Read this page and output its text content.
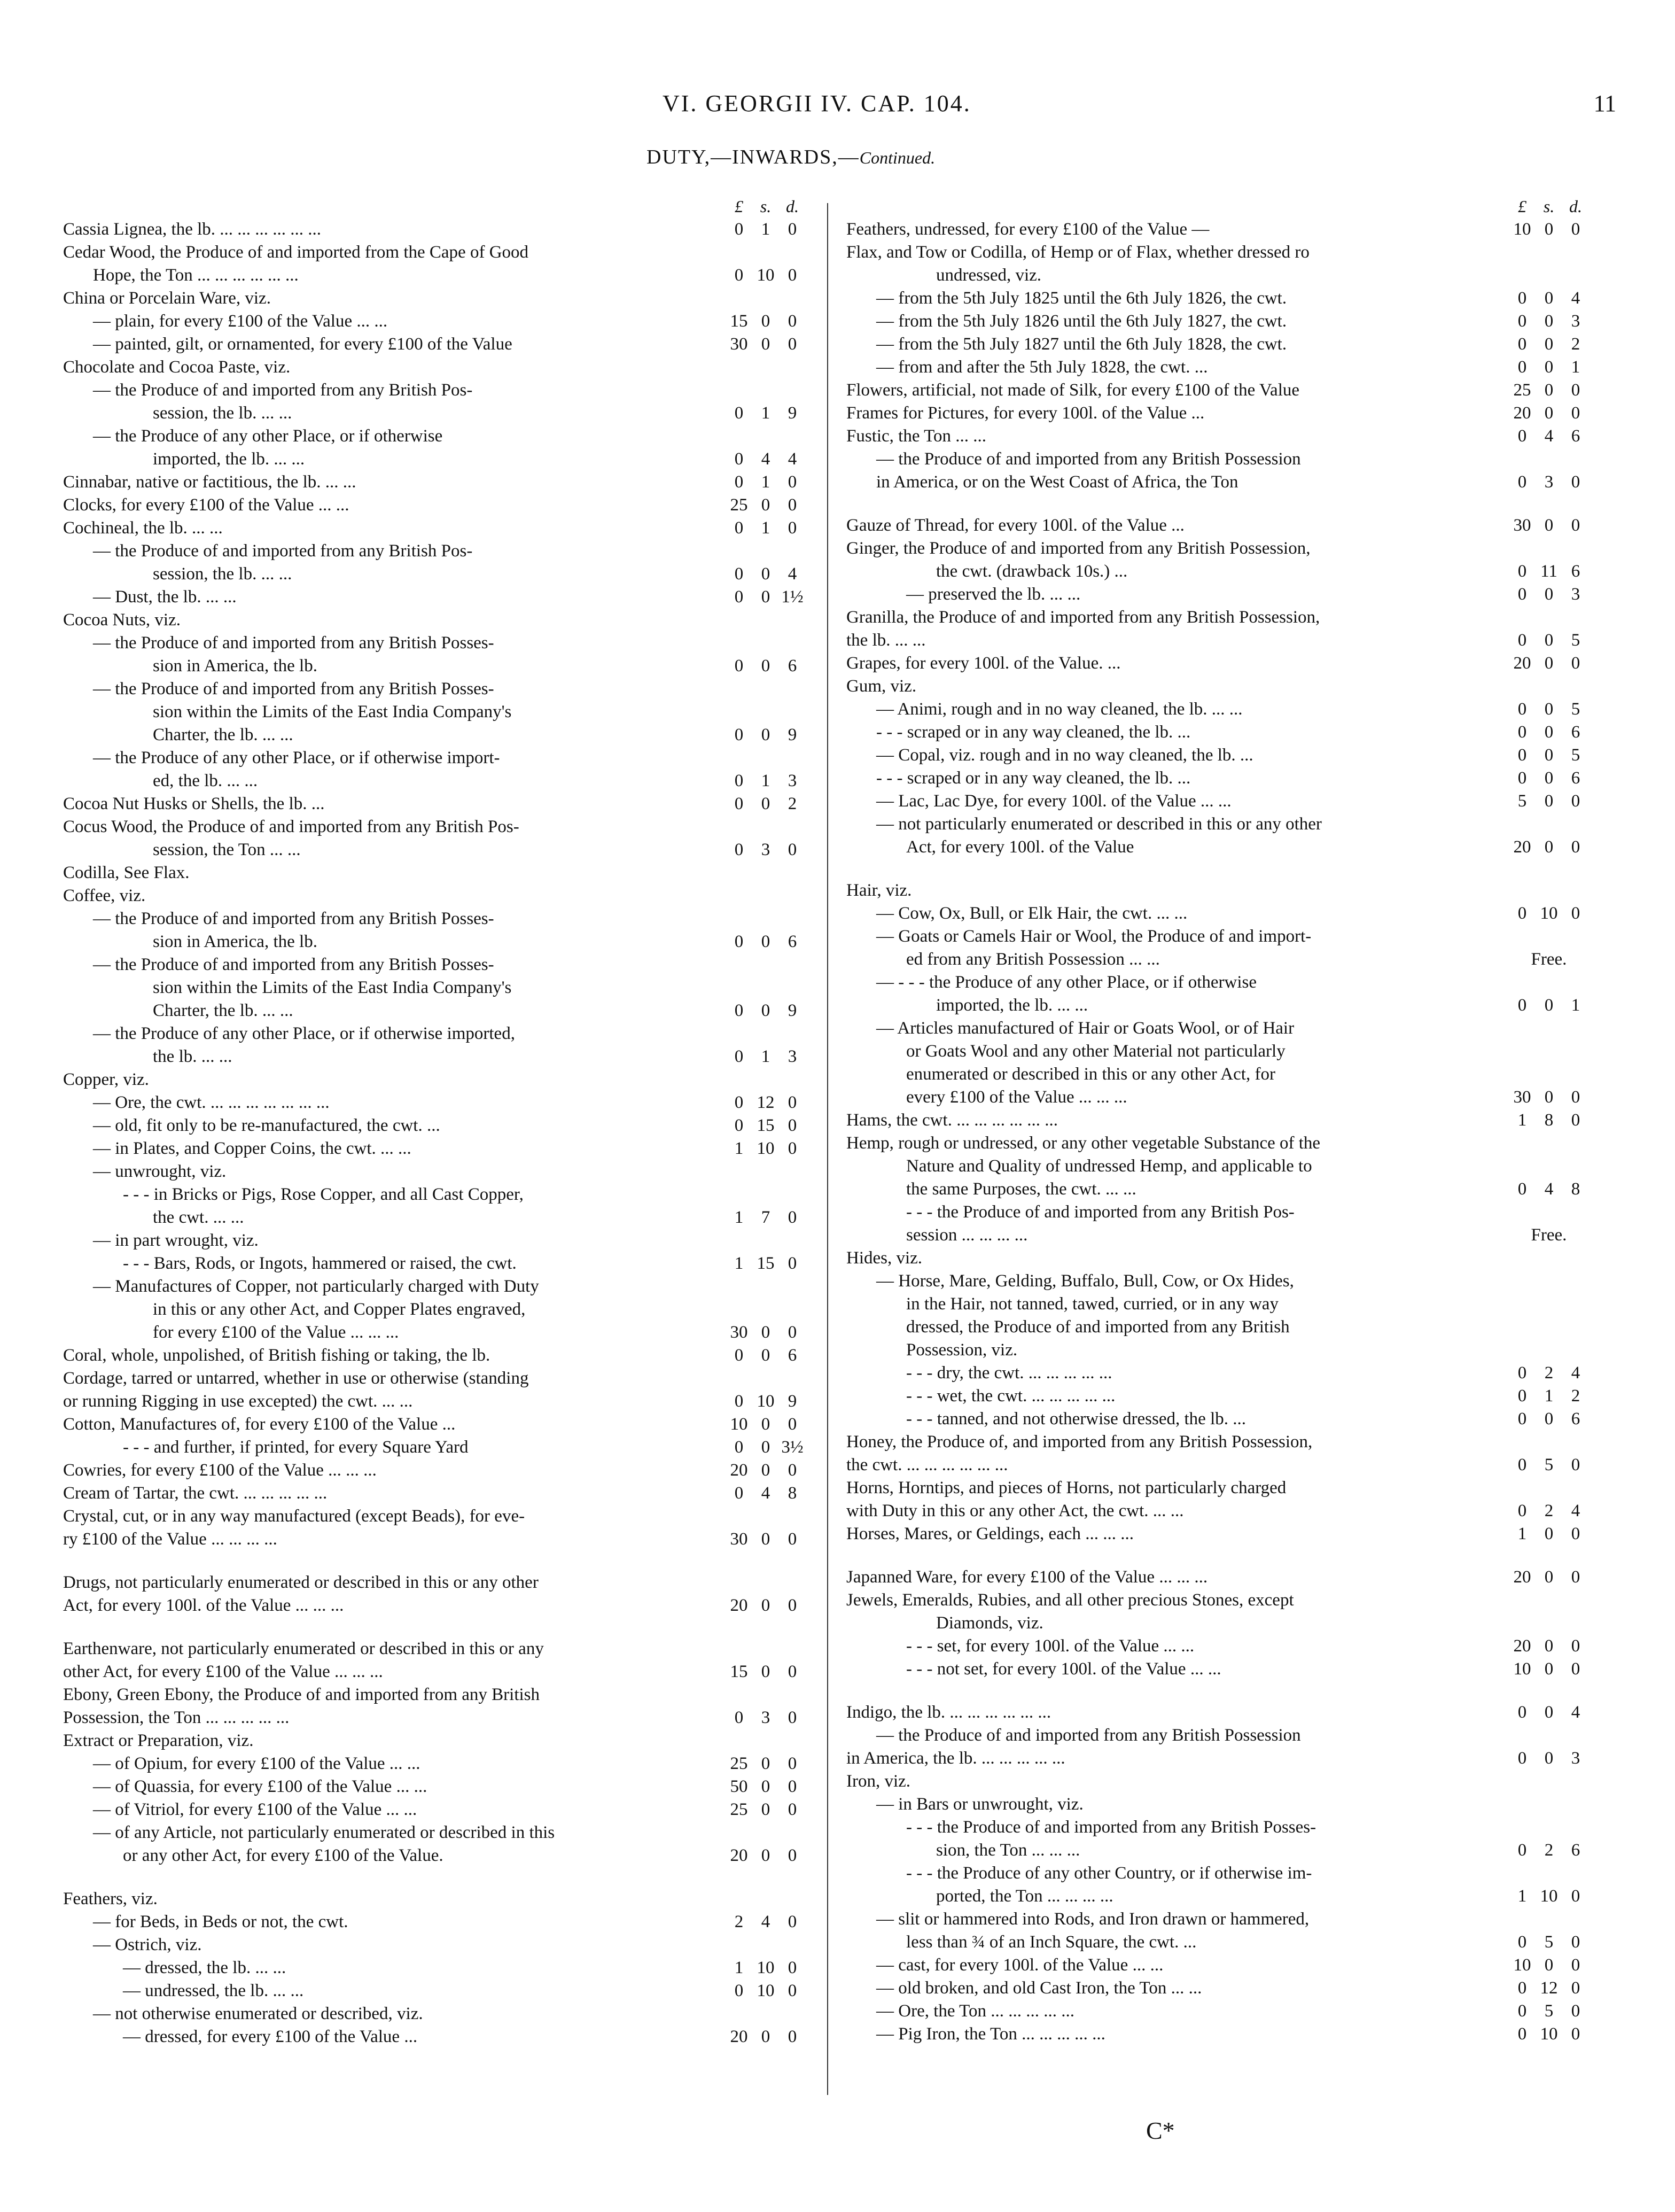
VI. GEORGII IV. CAP. 104.	11
DUTY,—INWARDS,—Continued.
£ s. d.
Cassia Lignea, the lb. ... ... ... ... ... ...	0	1	0
Cedar Wood, the Produce of and imported from the Cape of Good
Hope, the Ton ... ... ... ... ... ...	0 10 0
China or Porcelain Ware, viz.
— plain, for every £100 of the Value ... ...	15 0	0
— painted, gilt, or ornamented, for every £100 of the Value	30 0	0
Chocolate and Cocoa Paste, viz.
— the Produce of and imported from any British Pos-
session, the lb. ... ...	0	1	9
— the Produce of any other Place, or if otherwise
imported, the lb. ... ...	0	4	4
Cinnabar, native or factitious, the lb. ... ...	0	1	0
Clocks, for every £100 of the Value ... ...	25 0	0
Cochineal, the lb. ... ...	0	1	0
— the Produce of and imported from any British Pos-
session, the lb. ... ...	0	0	4
— Dust, the lb. ... ...	0	0 1½
Cocoa Nuts, viz.
— the Produce of and imported from any British Posses-
sion in America, the lb.	0	0	6
— the Produce of and imported from any British Posses-
sion within the Limits of the East India Company's
Charter, the lb. ... ...	0	0	9
— the Produce of any other Place, or if otherwise import-
ed, the lb. ... ...	0	1	3
Cocoa Nut Husks or Shells, the lb. ...	0	0	2
Cocus Wood, the Produce of and imported from any British Pos-
session, the Ton ... ...	0	3	0
Codilla, See Flax.
Coffee, viz.
— the Produce of and imported from any British Posses-
sion in America, the lb.	0	0	6
— the Produce of and imported from any British Posses-
sion within the Limits of the East India Company's
Charter, the lb. ... ...	0	0	9
— the Produce of any other Place, or if otherwise imported,
the lb. ... ...	0	1	3
Copper, viz.
— Ore, the cwt. ... ... ... ... ... ... ...	0 12 0
— old, fit only to be re-manufactured, the cwt. ...	0 15 0
— in Plates, and Copper Coins, the cwt. ... ...	1 10 0
— unwrought, viz.
- - - in Bricks or Pigs, Rose Copper, and all Cast Copper,
the cwt. ... ...	1	7	0
— in part wrought, viz.
- - - Bars, Rods, or Ingots, hammered or raised, the cwt.	1 15 0
— Manufactures of Copper, not particularly charged with Duty
in this or any other Act, and Copper Plates engraved,
for every £100 of the Value ... ... ...	30 0	0
Coral, whole, unpolished, of British fishing or taking, the lb.	0	0	6
Cordage, tarred or untarred, whether in use or otherwise (standing
or running Rigging in use excepted) the cwt. ... ...	0 10 9
Cotton, Manufactures of, for every £100 of the Value ...	10 0	0
- - - and further, if printed, for every Square Yard	0	0 3½
Cowries, for every £100 of the Value ... ... ...	20 0	0
Cream of Tartar, the cwt. ... ... ... ... ...	0	4	8
Crystal, cut, or in any way manufactured (except Beads), for eve-
ry £100 of the Value ... ... ... ...	30 0	0
Drugs, not particularly enumerated or described in this or any other
Act, for every 100l. of the Value ... ... ...	20 0	0
Earthenware, not particularly enumerated or described in this or any
other Act, for every £100 of the Value ... ... ...	15 0	0
Ebony, Green Ebony, the Produce of and imported from any British
Possession, the Ton ... ... ... ... ...	0	3	0
Extract or Preparation, viz.
— of Opium, for every £100 of the Value ... ...	25 0	0
— of Quassia, for every £100 of the Value ... ...	50 0	0
— of Vitriol, for every £100 of the Value ... ...	25 0	0
— of any Article, not particularly enumerated or described in this
or any other Act, for every £100 of the Value.	20 0	0
Feathers, viz.
— for Beds, in Beds or not, the cwt.	2	4	0
— Ostrich, viz.
— dressed, the lb. ... ...	1 10 0
— undressed, the lb. ... ...	0 10 0
— not otherwise enumerated or described, viz.
— dressed, for every £100 of the Value ...	20 0	0
£ s. d.
Feathers, undressed, for every £100 of the Value —	10 0	0
Flax, and Tow or Codilla, of Hemp or of Flax, whether dressed ro
undressed, viz.
— from the 5th July 1825 until the 6th July 1826, the cwt.	0	0	4
— from the 5th July 1826 until the 6th July 1827, the cwt.	0	0	3
— from the 5th July 1827 until the 6th July 1828, the cwt.	0	0	2
— from and after the 5th July 1828, the cwt. ...	0	0	1
Flowers, artificial, not made of Silk, for every £100 of the Value	25 0	0
Frames for Pictures, for every 100l. of the Value ...	20 0	0
Fustic, the Ton ... ...	0	4	6
— the Produce of and imported from any British Possession
in America, or on the West Coast of Africa, the Ton	0	3	0
Gauze of Thread, for every 100l. of the Value ...	30 0	0
Ginger, the Produce of and imported from any British Possession,
the cwt. (drawback 10s.) ...	0 11 6
— preserved the lb. ... ...	0	0	3
Granilla, the Produce of and imported from any British Possession,
the lb. ... ...	0	0	5
Grapes, for every 100l. of the Value. ...	20 0	0
Gum, viz.
— Animi, rough and in no way cleaned, the lb. ... ...	0	0	5
- - - scraped or in any way cleaned, the lb. ...	0	0	6
— Copal, viz. rough and in no way cleaned, the lb. ...	0	0	5
- - - scraped or in any way cleaned, the lb. ...	0	0	6
— Lac, Lac Dye, for every 100l. of the Value ... ...	5	0	0
— not particularly enumerated or described in this or any other
Act, for every 100l. of the Value	20 0	0
Hair, viz.
— Cow, Ox, Bull, or Elk Hair, the cwt. ... ...	0 10 0
— Goats or Camels Hair or Wool, the Produce of and import-
ed from any British Possession ... ...	Free.
— - - - the Produce of any other Place, or if otherwise
imported, the lb. ... ...	0	0	1
— Articles manufactured of Hair or Goats Wool, or of Hair
or Goats Wool and any other Material not particularly
enumerated or described in this or any other Act, for
every £100 of the Value ... ... ...	30 0	0
Hams, the cwt. ... ... ... ... ... ...	1	8	0
Hemp, rough or undressed, or any other vegetable Substance of the
Nature and Quality of undressed Hemp, and applicable to
the same Purposes, the cwt. ... ...	0	4	8
- - - the Produce of and imported from any British Pos-
session ... ... ... ...	Free.
Hides, viz.
— Horse, Mare, Gelding, Buffalo, Bull, Cow, or Ox Hides,
in the Hair, not tanned, tawed, curried, or in any way
dressed, the Produce of and imported from any British
Possession, viz.
- - - dry, the cwt. ... ... ... ... ...	0	2	4
- - - wet, the cwt. ... ... ... ... ...	0	1	2
- - - tanned, and not otherwise dressed, the lb. ...	0	0	6
Honey, the Produce of, and imported from any British Possession,
the cwt. ... ... ... ... ... ...	0	5	0
Horns, Horntips, and pieces of Horns, not particularly charged
with Duty in this or any other Act, the cwt. ... ...	0	2	4
Horses, Mares, or Geldings, each ... ... ...	1	0	0
Japanned Ware, for every £100 of the Value ... ... ...	20 0	0
Jewels, Emeralds, Rubies, and all other precious Stones, except
Diamonds, viz.
- - - set, for every 100l. of the Value ... ...	20 0	0
- - - not set, for every 100l. of the Value ... ...	10 0	0
Indigo, the lb. ... ... ... ... ... ...	0	0	4
— the Produce of and imported from any British Possession
in America, the lb. ... ... ... ... ...	0	0	3
Iron, viz.
— in Bars or unwrought, viz.
- - - the Produce of and imported from any British Posses-
sion, the Ton ... ... ...	0	2	6
- - - the Produce of any other Country, or if otherwise im-
ported, the Ton ... ... ... ...	1 10 0
— slit or hammered into Rods, and Iron drawn or hammered,
less than ¾ of an Inch Square, the cwt. ...	0	5	0
— cast, for every 100l. of the Value ... ...	10 0	0
— old broken, and old Cast Iron, the Ton ... ...	0 12 0
— Ore, the Ton ... ... ... ... ...	0	5	0
— Pig Iron, the Ton ... ... ... ... ...	0 10 0
C*
